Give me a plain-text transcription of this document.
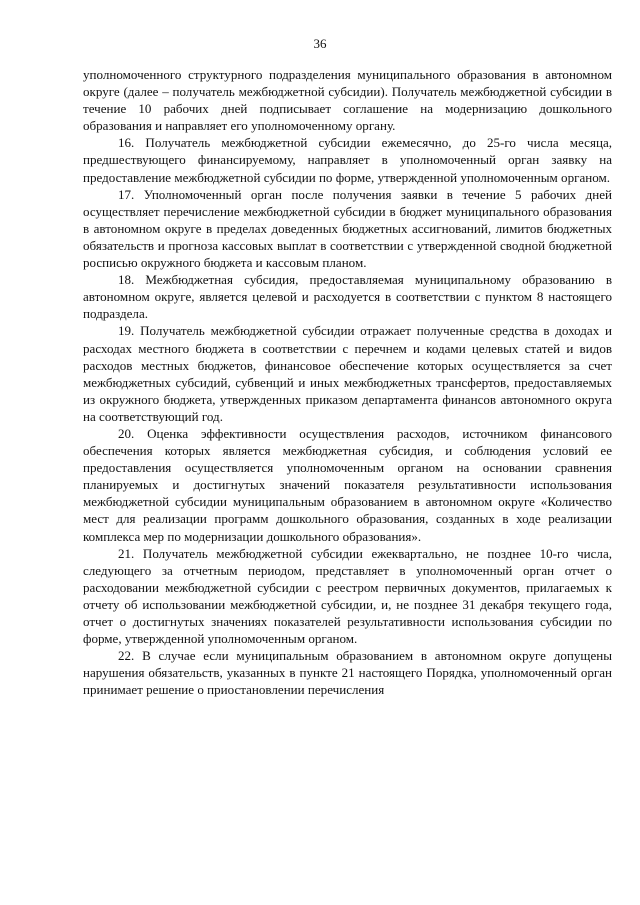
36

уполномоченного структурного подразделения муниципального образования в автономном округе (далее – получатель межбюджетной субсидии). Получатель межбюджетной субсидии в течение 10 рабочих дней подписывает соглашение на модернизацию дошкольного образования и направляет его уполномоченному органу.

16. Получатель межбюджетной субсидии ежемесячно, до 25-го числа месяца, предшествующего финансируемому, направляет в уполномоченный орган заявку на предоставление межбюджетной субсидии по форме, утвержденной уполномоченным органом.

17. Уполномоченный орган после получения заявки в течение 5 рабочих дней осуществляет перечисление межбюджетной субсидии в бюджет муниципального образования в автономном округе в пределах доведенных бюджетных ассигнований, лимитов бюджетных обязательств и прогноза кассовых выплат в соответствии с утвержденной сводной бюджетной росписью окружного бюджета и кассовым планом.

18. Межбюджетная субсидия, предоставляемая муниципальному образованию в автономном округе, является целевой и расходуется в соответствии с пунктом 8 настоящего подраздела.

19. Получатель межбюджетной субсидии отражает полученные средства в доходах и расходах местного бюджета в соответствии с перечнем и кодами целевых статей и видов расходов местных бюджетов, финансовое обеспечение которых осуществляется за счет межбюджетных субсидий, субвенций и иных межбюджетных трансфертов, предоставляемых из окружного бюджета, утвержденных приказом департамента финансов автономного округа на соответствующий год.

20. Оценка эффективности осуществления расходов, источником финансового обеспечения которых является межбюджетная субсидия, и соблюдения условий ее предоставления осуществляется уполномоченным органом на основании сравнения планируемых и достигнутых значений показателя результативности использования межбюджетной субсидии муниципальным образованием в автономном округе «Количество мест для реализации программ дошкольного образования, созданных в ходе реализации комплекса мер по модернизации дошкольного образования».

21. Получатель межбюджетной субсидии ежеквартально, не позднее 10-го числа, следующего за отчетным периодом, представляет в уполномоченный орган отчет о расходовании межбюджетной субсидии с реестром первичных документов, прилагаемых к отчету об использовании межбюджетной субсидии, и, не позднее 31 декабря текущего года, отчет о достигнутых значениях показателей результативности использования субсидии по форме, утвержденной уполномоченным органом.

22. В случае если муниципальным образованием в автономном округе допущены нарушения обязательств, указанных в пункте 21 настоящего Порядка, уполномоченный орган принимает решение о приостановлении перечисления
